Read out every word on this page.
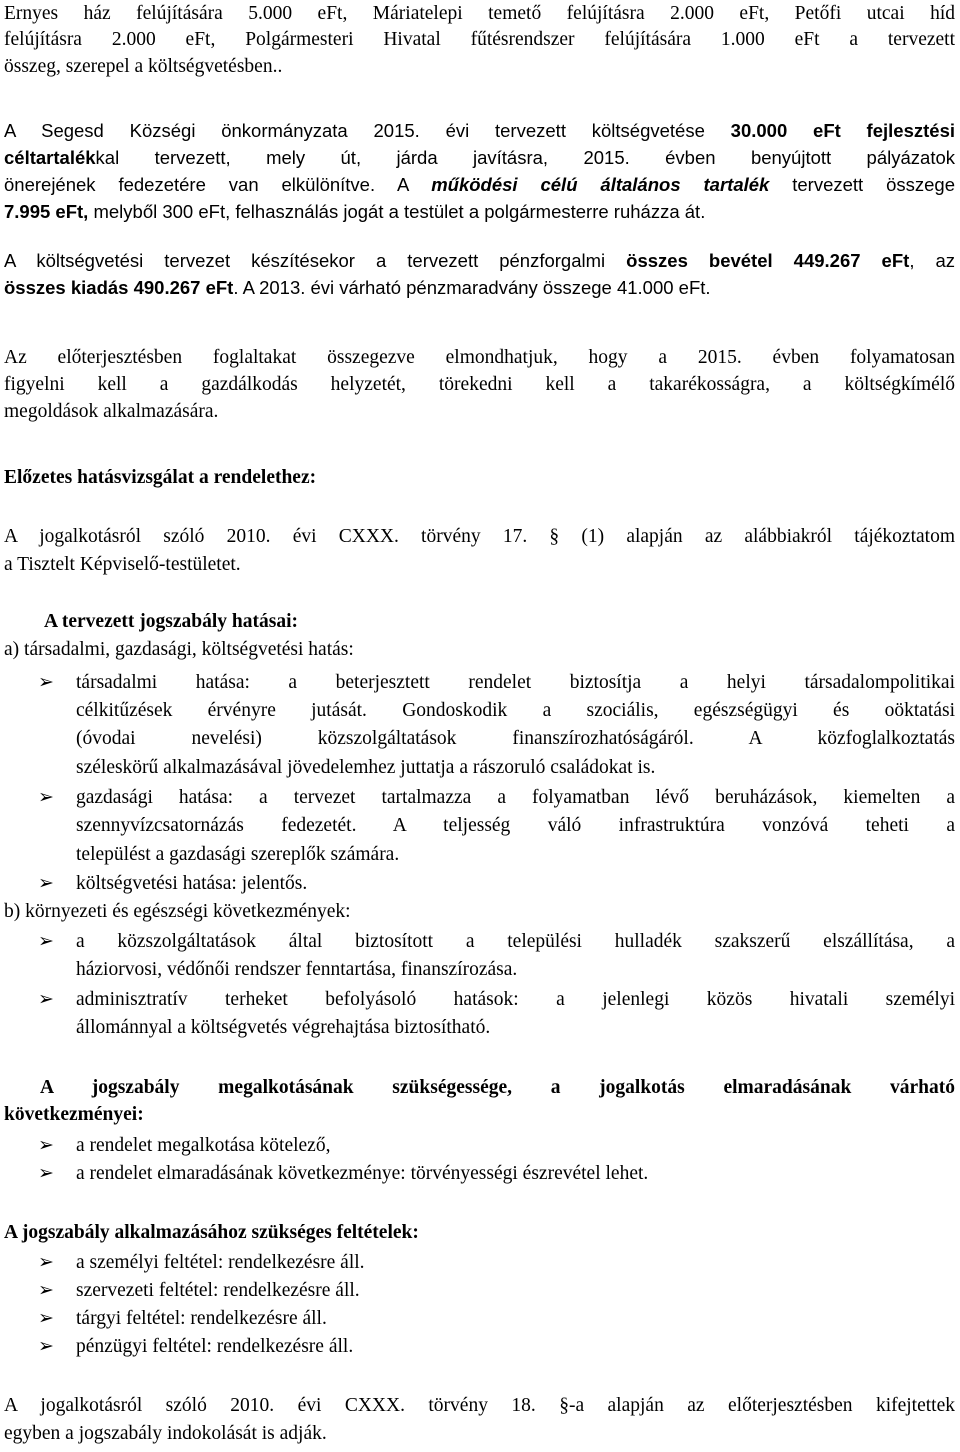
Ernyes ház felújítására 5.000 eFt, Máriatelepi temető felújításra 2.000 eFt, Petőfi utcai híd
felújításra 2.000 eFt, Polgármesteri Hivatal fűtésrendszer felújítására 1.000 eFt a tervezett
összeg, szerepel a költségvetésben..
A Segesd Községi önkormányzata 2015. évi tervezett költségvetése 30.000 eFt fejlesztési
céltartalékkal tervezett, mely út, járda javításra, 2015. évben benyújtott pályázatok
önerejének fedezetére van elkülönítve. A működési célú általános tartalék tervezett összege
7.995 eFt, melyből 300 eFt, felhasználás jogát a testület a polgármesterre ruházza át.
A költségvetési tervezet készítésekor a tervezett pénzforgalmi összes bevétel 449.267 eFt, az
összes kiadás 490.267 eFt. A 2013. évi várható pénzmaradvány összege 41.000 eFt.
Az előterjesztésben foglaltakat összegezve elmondhatjuk, hogy a 2015. évben folyamatosan
figyelni kell a gazdálkodás helyzetét, törekedni kell a takarékosságra, a költségkímélő
megoldások alkalmazására.
Előzetes hatásvizsgálat a rendelethez:
A jogalkotásról szóló 2010. évi CXXX. törvény 17. § (1) alapján az alábbiakról tájékoztatom
a Tisztelt Képviselő-testületet.
A tervezett jogszabály hatásai:
a) társadalmi, gazdasági, költségvetési hatás:
➢ társadalmi hatása: a beterjesztett rendelet biztosítja a helyi társadalompolitikai
célkitűzések érvényre jutását. Gondoskodik a szociális, egészségügyi és oöktatási
(óvodai nevelési) közszolgáltatások finanszírozhatóságáról. A közfoglalkoztatás
széleskörű alkalmazásával jövedelemhez juttatja a rászoruló családokat is.
➢ gazdasági hatása: a tervezet tartalmazza a folyamatban lévő beruházások, kiemelten a
szennyvízcsatornázás fedezetét. A teljesség váló infrastruktúra vonzóvá teheti a
települést a gazdasági szereplők számára.
➢ költségvetési hatása: jelentős.
b) környezeti és egészségi következmények:
➢ a közszolgáltatások által biztosított a települési hulladék szakszerű elszállítása, a
háziorvosi, védőnői rendszer fenntartása, finanszírozása.
➢ adminisztratív terheket befolyásoló hatások: a jelenlegi közös hivatali személyi
állománnyal a költségvetés végrehajtása biztosítható.
A jogszabály megalkotásának szükségessége, a jogalkotás elmaradásának várható
következményei:
➢ a rendelet megalkotása kötelező,
➢ a rendelet elmaradásának következménye: törvényességi észrevétel lehet.
A jogszabály alkalmazásához szükséges feltételek:
➢ a személyi feltétel: rendelkezésre áll.
➢ szervezeti feltétel: rendelkezésre áll.
➢ tárgyi feltétel: rendelkezésre áll.
➢ pénzügyi feltétel: rendelkezésre áll.
A jogalkotásról szóló 2010. évi CXXX. törvény 18. §-a alapján az előterjesztésben kifejtettek
egyben a jogszabály indokolását is adják.
